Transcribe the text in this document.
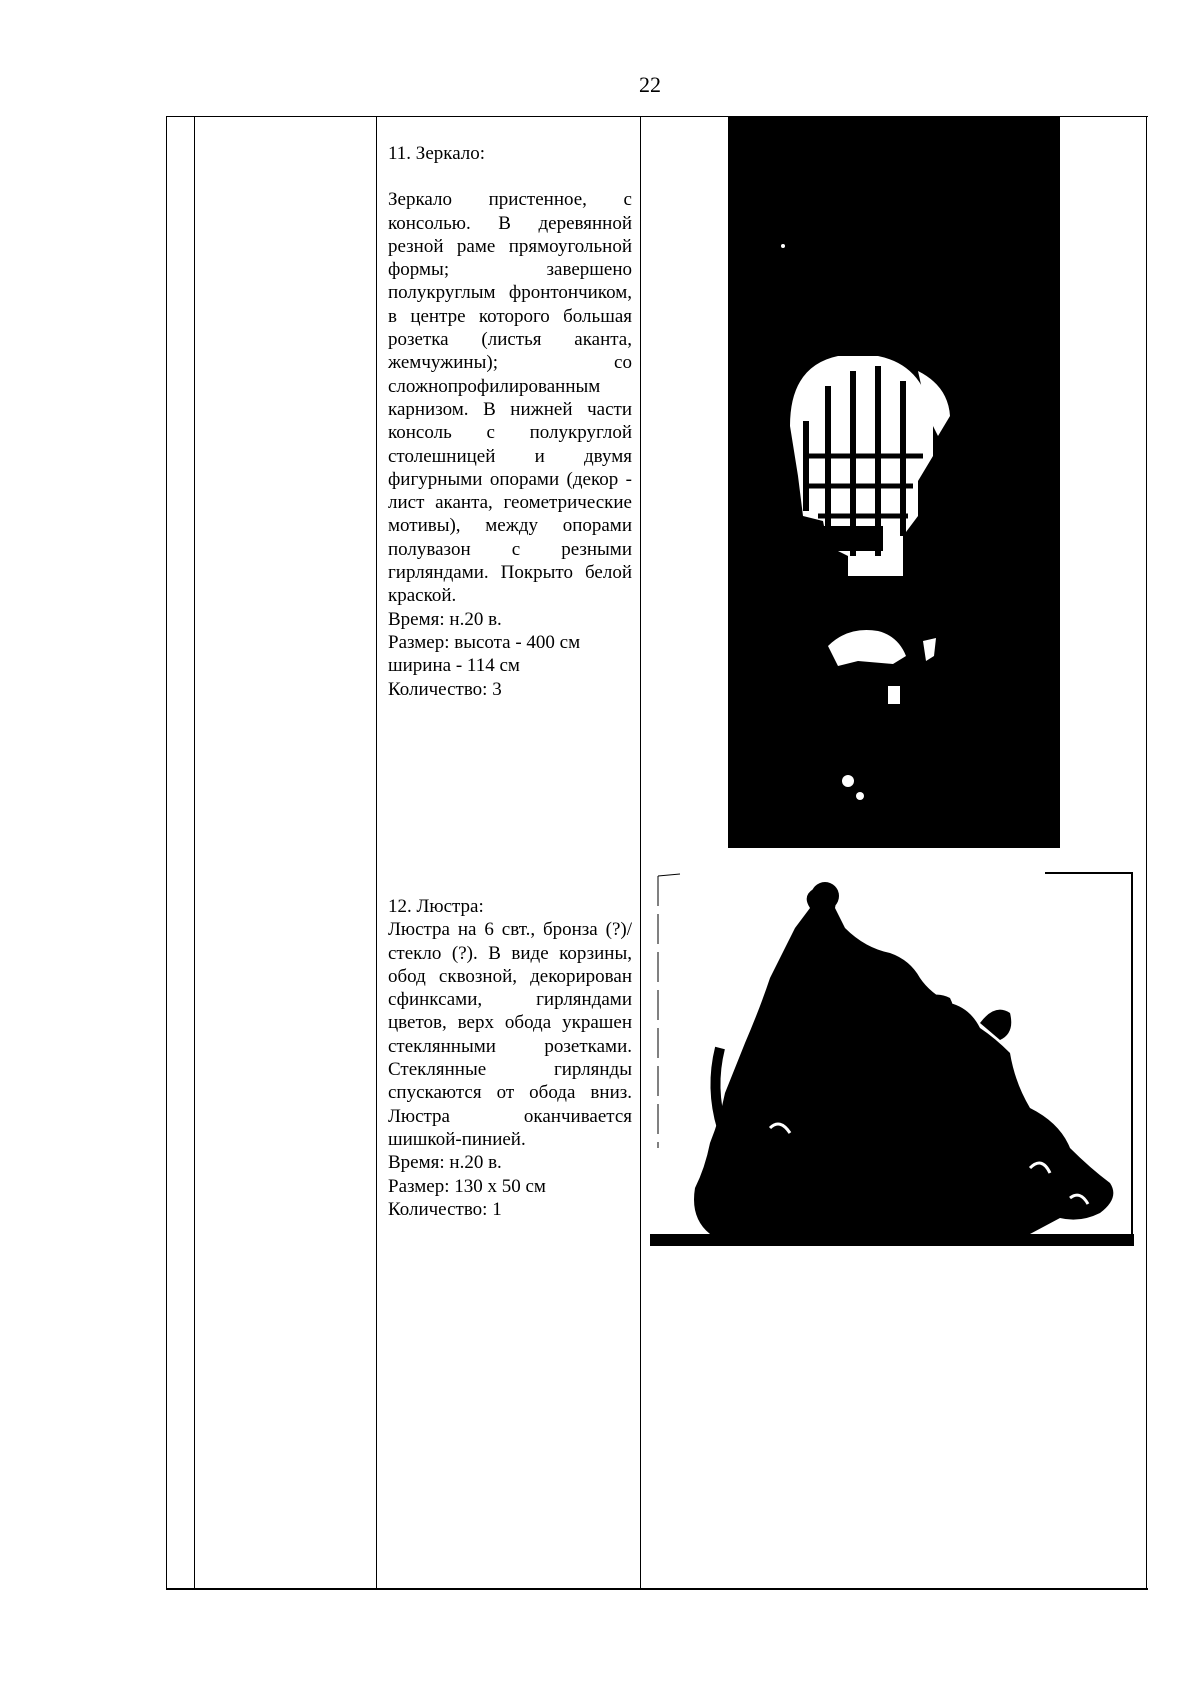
22

11. Зеркало:

Зеркало пристенное, с консолью. В деревянной резной раме прямоугольной формы; завершено полукруглым фронтончиком, в центре которого большая розетка (листья аканта, жемчужины); со сложнопрофилированным карнизом. В нижней части консоль с полукруглой столешницей и двумя фигурными опорами (декор - лист аканта, геометрические мотивы), между опорами полувазон с резными гирляндами. Покрыто белой краской.

Время: н.20 в.

Размер: высота - 400 см

ширина - 114 см

Количество: 3

12. Люстра:

Люстра на 6 свт., бронза (?)/стекло (?). В виде корзины, обод сквозной, декорирован сфинксами, гирляндами цветов, верх обода украшен стеклянными розетками. Стеклянные гирлянды спускаются от обода вниз. Люстра оканчивается шишкой-пинией.

Время: н.20 в.

Размер: 130 х 50 см

Количество: 1
